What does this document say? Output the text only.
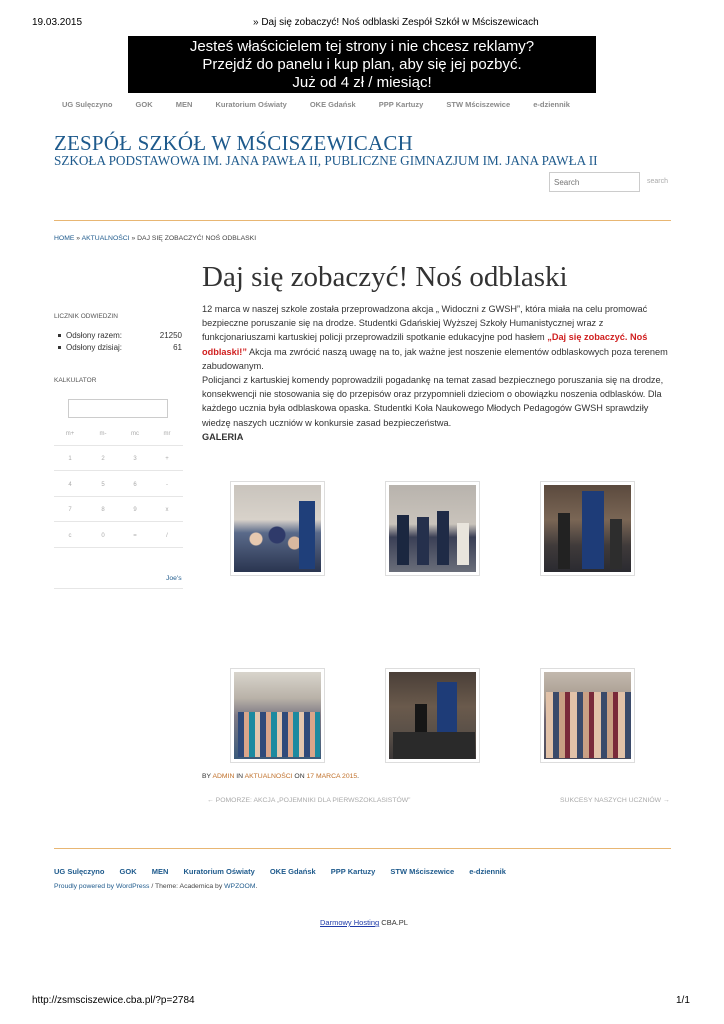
19.03.2015	» Daj się zobaczyć! Noś odblaski Zespół Szkół w Mściszewicach
Jesteś właścicielem tej strony i nie chcesz reklamy?
Przejdź do panelu i kup plan, aby się jej pozbyć.
Już od 4 zł / miesiąc!
UG Sulęczyno	GOK	MEN	Kuratorium Oświaty	OKE Gdańsk	PPP Kartuzy	STW Mściszewice	e-dziennik
ZESPÓŁ SZKÓŁ W MŚCISZEWICACH
SZKOŁA PODSTAWOWA IM. JANA PAWŁA II, PUBLICZNE GIMNAZJUM IM. JANA PAWŁA II
Search
search
HOME » AKTUALNOŚCI » DAJ SIĘ ZOBACZYĆ! NOŚ ODBLASKI
Daj się zobaczyć! Noś odblaski
LICZNIK ODWIEDZIN
Odsłony razem:	21250
Odsłony dzisiaj:	61
KALKULATOR
m+	m-	mc	mr
1	2	3	+
4	5	6	-
7	8	9	x
c	0	=	/
Joe's

12 marca w naszej szkole została przeprowadzona akcja „ Widoczni z GWSH”, która miała na celu promować bezpieczne poruszanie się na drodze. Studentki Gdańskiej Wyższej Szkoły Humanistycznej wraz z funkcjonariuszami kartuskiej policji przeprowadzili spotkanie edukacyjne pod hasłem „Daj się zobaczyć. Noś odblaski!” Akcja ma zwrócić naszą uwagę na to, jak ważne jest noszenie elementów odblaskowych poza terenem zabudowanym.

Policjanci z kartuskiej komendy poprowadzili pogadankę na temat zasad bezpiecznego poruszania się na drodze, konsekwencji nie stosowania się do przepisów oraz przypomnieli dzieciom o obowiązku noszenia odblasków. Dla każdego ucznia była odblaskowa opaska. Studentki Koła Naukowego Młodych Pedagogów GWSH sprawdziły wiedzę naszych uczniów w konkursie zasad bezpieczeństwa.

GALERIA

BY ADMIN IN AKTUALNOŚCI ON 17 MARCA 2015.
← POMORZE: AKCJA „POJEMNIKI DLA PIERWSZOKLASISTÓW”	SUKCESY NASZYCH UCZNIÓW →
UG Sulęczyno GOK MEN Kuratorium Oświaty OKE Gdańsk PPP Kartuzy STW Mściszewice e-dziennik
Proudly powered by WordPress / Theme: Academica by WPZOOM.
Darmowy Hosting CBA.PL
http://zsmsciszewice.cba.pl/?p=2784	1/1
